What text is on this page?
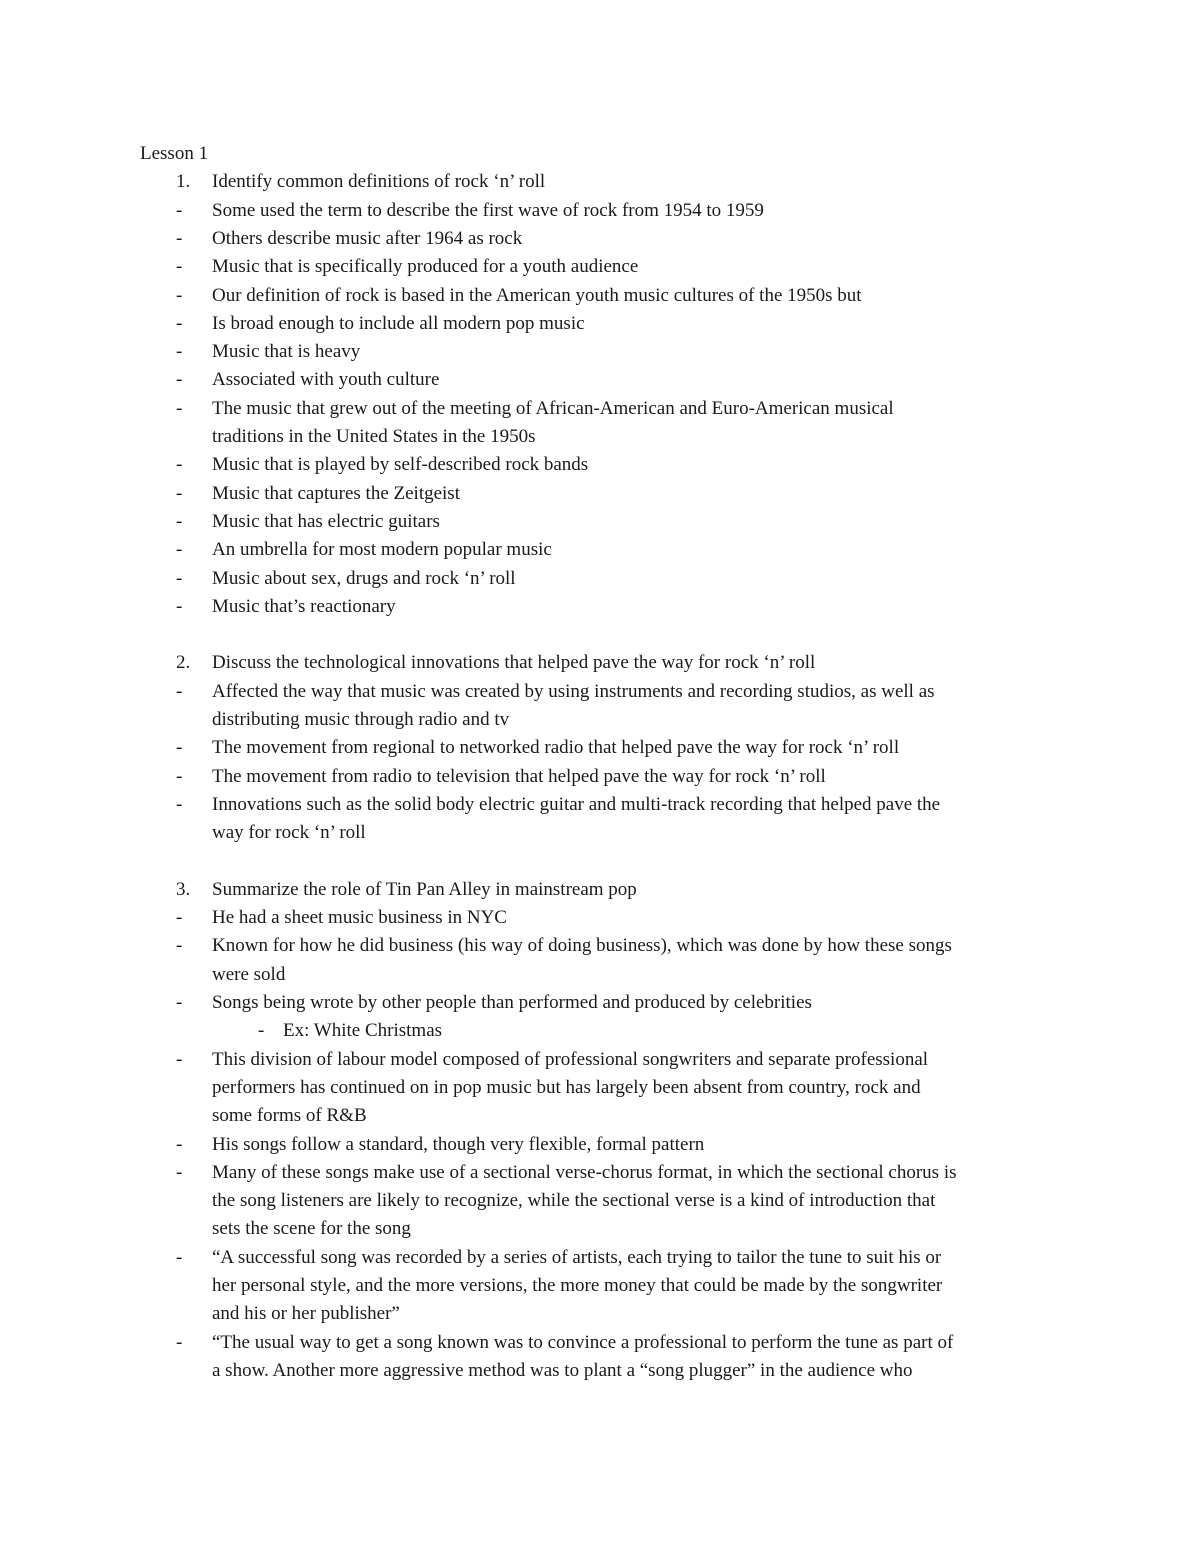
Lesson 1
1. Identify common definitions of rock ‘n’ roll
- Some used the term to describe the first wave of rock from 1954 to 1959
- Others describe music after 1964 as rock
- Music that is specifically produced for a youth audience
- Our definition of rock is based in the American youth music cultures of the 1950s but
- Is broad enough to include all modern pop music
- Music that is heavy
- Associated with youth culture
- The music that grew out of the meeting of African-American and Euro-American musical
traditions in the United States in the 1950s
- Music that is played by self-described rock bands
- Music that captures the Zeitgeist
- Music that has electric guitars
- An umbrella for most modern popular music
- Music about sex, drugs and rock ‘n’ roll
- Music that’s reactionary
2. Discuss the technological innovations that helped pave the way for rock ‘n’ roll
- Affected the way that music was created by using instruments and recording studios, as well as
distributing music through radio and tv
- The movement from regional to networked radio that helped pave the way for rock ‘n’ roll
- The movement from radio to television that helped pave the way for rock ‘n’ roll
- Innovations such as the solid body electric guitar and multi-track recording that helped pave the
way for rock ‘n’ roll
3. Summarize the role of Tin Pan Alley in mainstream pop
- He had a sheet music business in NYC
- Known for how he did business (his way of doing business), which was done by how these songs
were sold
- Songs being wrote by other people than performed and produced by celebrities
- Ex: White Christmas
- This division of labour model composed of professional songwriters and separate professional
performers has continued on in pop music but has largely been absent from country, rock and
some forms of R&B
- His songs follow a standard, though very flexible, formal pattern
- Many of these songs make use of a sectional verse-chorus format, in which the sectional chorus is
the song listeners are likely to recognize, while the sectional verse is a kind of introduction that
sets the scene for the song
- “A successful song was recorded by a series of artists, each trying to tailor the tune to suit his or
her personal style, and the more versions, the more money that could be made by the songwriter
and his or her publisher”
- “The usual way to get a song known was to convince a professional to perform the tune as part of
a show. Another more aggressive method was to plant a “song plugger” in the audience who
